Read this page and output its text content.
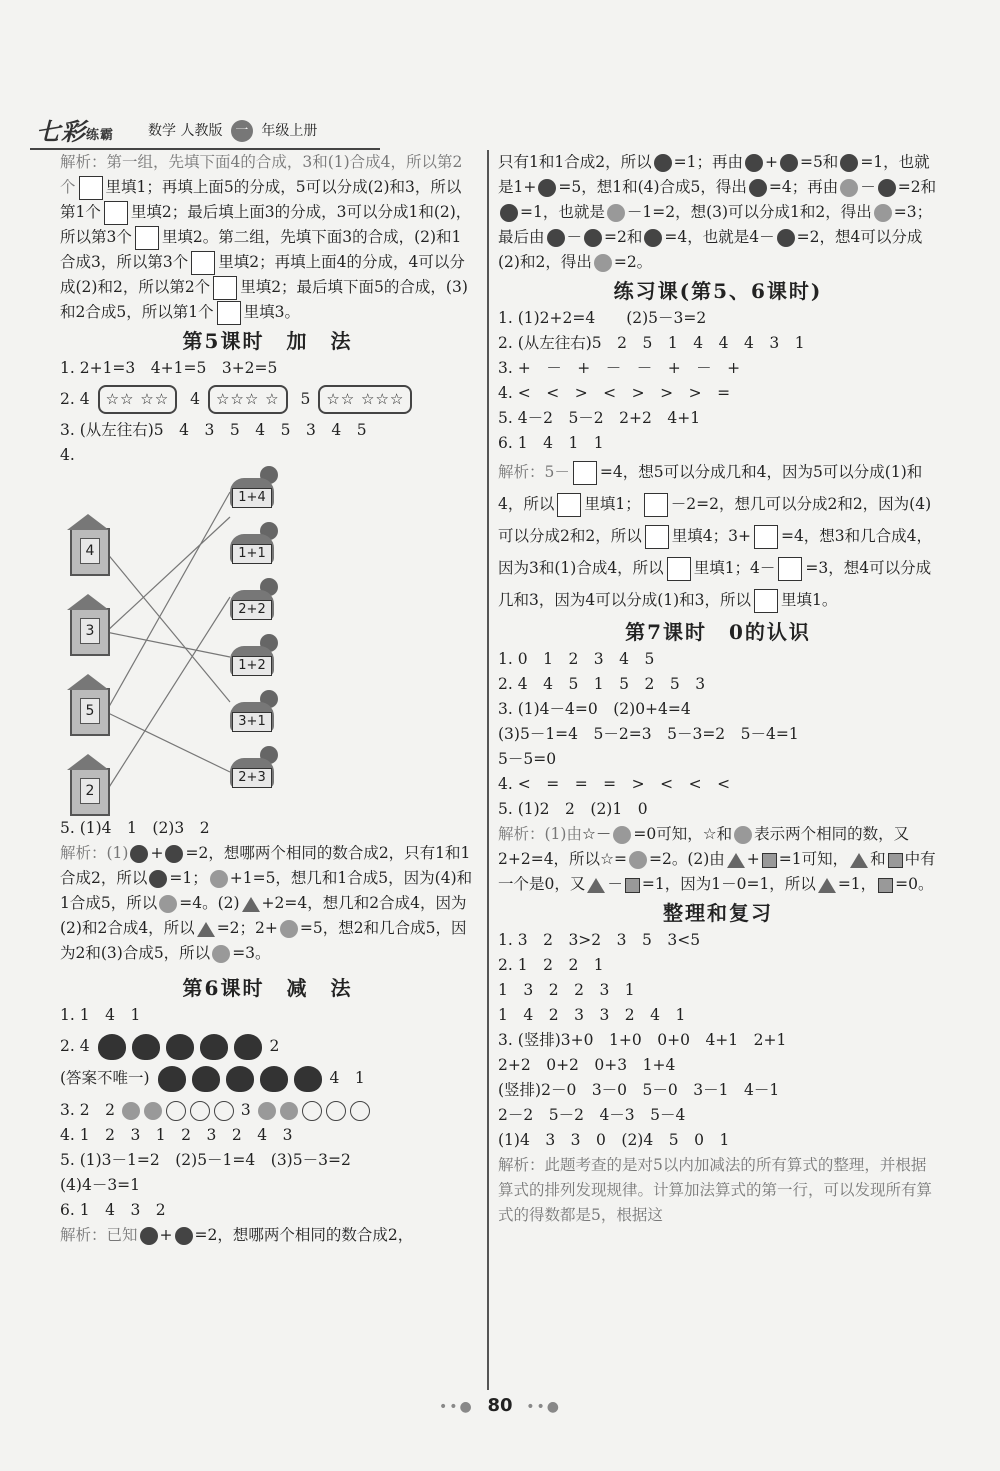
七彩练霸 数学 人教版 一 年级上册

解析：第一组，先填下面4的合成，3和(1)合成4，所以第2个 里填1；再填上面5的分成，5可以分成(2)和3，所以第1个 里填2；最后填上面3的分成，3可以分成1和(2)，所以第3个 里填2。第二组，先填下面3的合成，(2)和1合成3，所以第3个 里填2；再填上面4的分成，4可以分成(2)和2，所以第2个 里填2；最后填下面5的合成，(3)和2合成5，所以第1个 里填3。

第5课时　加　法

1. 2+1=3　4+1=5　3+2=5

2. 4 ☆☆ ☆☆ 4 ☆☆☆ ☆ 5 ☆☆ ☆☆☆

3. (从左往右)5　4　3　5　4　5　3　4　5

4.

4
3
5
2
1+4
1+1
2+2
1+2
3+1
2+3

5. (1)4　1　(2)3　2

解析：(1) + =2，想哪两个相同的数合成2，只有1和1合成2，所以 =1； +1=5，想几和1合成5，因为(4)和1合成5，所以 =4。(2) +2=4，想几和2合成4，因为(2)和2合成4，所以 =2；2+ =5，想2和几合成5，因为2和(3)合成5，所以 =3。

第6课时　减　法

1. 1　4　1

2. 4	2

(答案不唯一)	4　1

3. 2　2	3

4. 1　2　3　1　2　3　2　4　3

5. (1)3－1=2　(2)5－1=4　(3)5－3=2

(4)4－3=1

6. 1　4　3　2

解析：已知 + =2，想哪两个相同的数合成2，

只有1和1合成2，所以 =1；再由 + =5和 =1，也就是1+ =5，想1和(4)合成5，得出 =4；再由 － =2和=1，也就是 －1=2，想(3)可以分成1和2，得出 =3；最后由 － =2和 =4，也就是4－ =2，想4可以分成(2)和2，得出 =2。

练习课(第5、6课时)

1. (1)2+2=4　　(2)5－3=2

2. (从左往右)5　2　5　1　4　4　4　3　1

3. +　－　+　－　－　+　－　+

4. <　<　>　<　>　>　>　=

5. 4－2　5－2　2+2　4+1

6. 1　4　1　1

解析：5－ =4，想5可以分成几和4，因为5可以分成(1)和4，所以 里填1； －2=2，想几可以分成2和2，因为(4)可以分成2和2，所以 里填4；3+ =4，想3和几合成4，因为3和(1)合成4，所以 里填1；4－ =3，想4可以分成几和3，因为4可以分成(1)和3，所以 里填1。

第7课时　0的认识

1. 0　1　2　3　4　5

2. 4　4　5　1　5　2　5　3

3. (1)4－4=0　(2)0+4=4

(3)5－1=4　5－2=3　5－3=2　5－4=1

5－5=0

4. <　=　=　=　>　<　<　<

5. (1)2　2　(2)1　0

解析：(1)由☆－ =0可知，☆和 表示两个相同的数，又2+2=4，所以☆= =2。(2)由 + =1可知， 和 中有一个是0，又 － =1，因为1－0=1，所以 =1， =0。

整理和复习

1. 3　2　3>2　3　5　3<5

2. 1　2　2　1

1　3　2　2　3　1

1　4　2　3　3　2　4　1

3. (竖排)3+0　1+0　0+0　4+1　2+1

2+2　0+2　0+3　1+4

(竖排)2－0　3－0　5－0　3－1　4－1

2－2　5－2　4－3　5－4

(1)4　3　3　0　(2)4　5　0　1

解析：此题考查的是对5以内加减法的所有算式的整理，并根据算式的排列发现规律。计算加法算式的第一行，可以发现所有算式的得数都是5，根据这

••● 80 ••●
